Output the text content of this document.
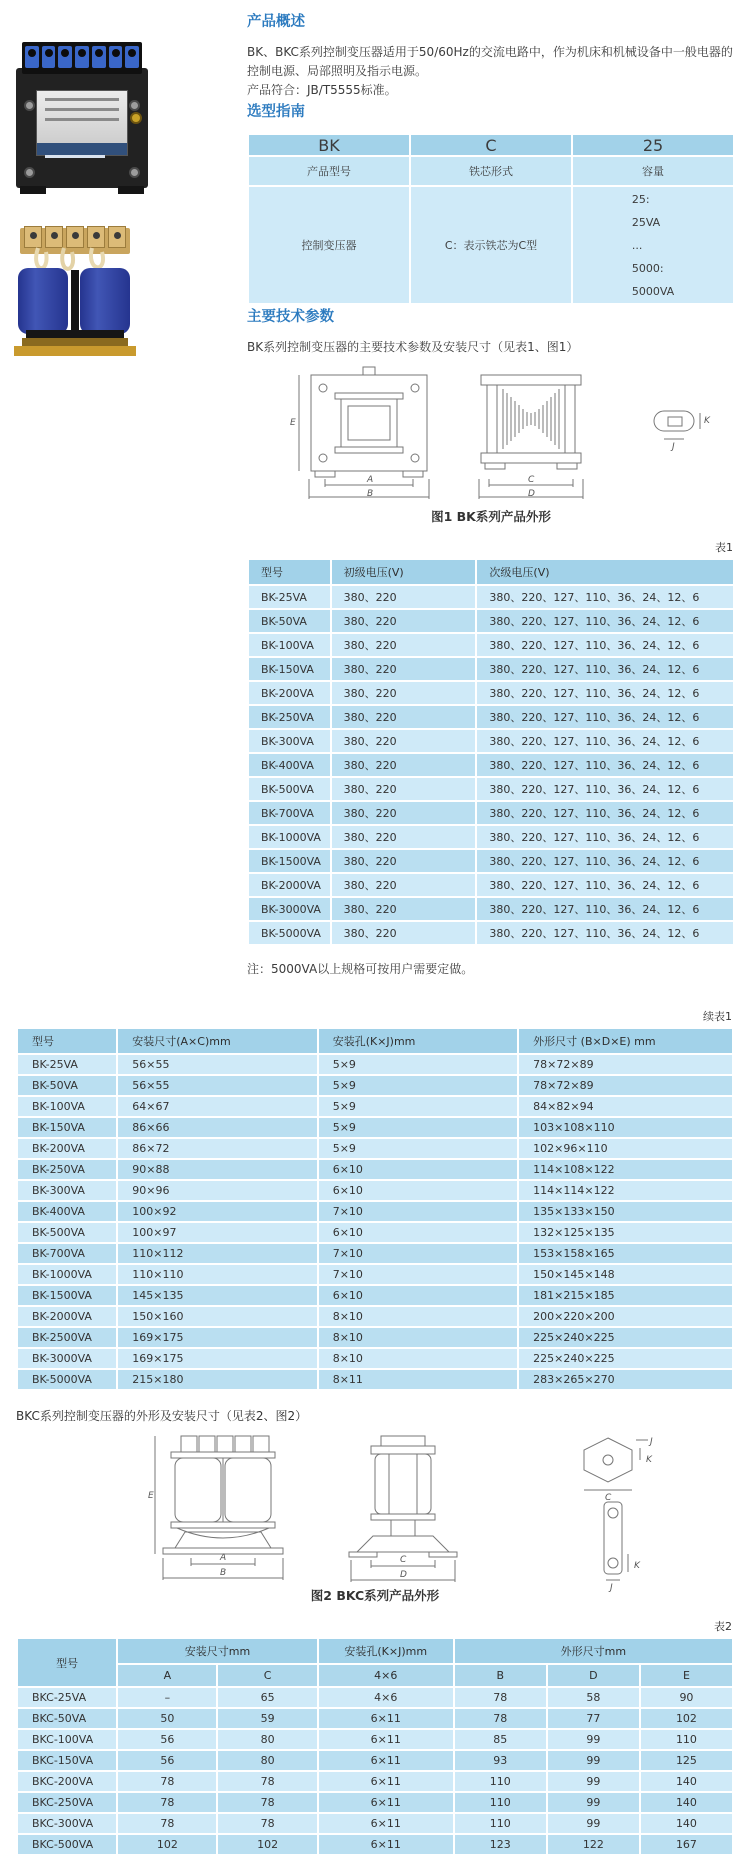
产品概述

BK、BKC系列控制变压器适用于50/60Hz的交流电路中，作为机床和机械设备中一般电器的控制电源、局部照明及指示电源。

产品符合：JB/T5555标准。

选型指南
BK	C	25
产品型号	铁芯形式	容量
控制变压器	C：表示铁芯为C型	25:
25VA
...
5000:
5000VA
主要技术参数

BK系列控制变压器的主要技术参数及安装尺寸（见表1、图1）

E
A
B
C
D
K
J

图1 BK系列产品外形

表1
型号	初级电压(V)	次级电压(V)
BK-25VA	380、220	380、220、127、110、36、24、12、6
BK-50VA	380、220	380、220、127、110、36、24、12、6
BK-100VA	380、220	380、220、127、110、36、24、12、6
BK-150VA	380、220	380、220、127、110、36、24、12、6
BK-200VA	380、220	380、220、127、110、36、24、12、6
BK-250VA	380、220	380、220、127、110、36、24、12、6
BK-300VA	380、220	380、220、127、110、36、24、12、6
BK-400VA	380、220	380、220、127、110、36、24、12、6
BK-500VA	380、220	380、220、127、110、36、24、12、6
BK-700VA	380、220	380、220、127、110、36、24、12、6
BK-1000VA	380、220	380、220、127、110、36、24、12、6
BK-1500VA	380、220	380、220、127、110、36、24、12、6
BK-2000VA	380、220	380、220、127、110、36、24、12、6
BK-3000VA	380、220	380、220、127、110、36、24、12、6
BK-5000VA	380、220	380、220、127、110、36、24、12、6

注：5000VA以上规格可按用户需要定做。

续表1
型号	安装尺寸(A×C)mm	安装孔(K×J)mm	外形尺寸 (B×D×E) mm
BK-25VA	56×55	5×9	78×72×89
BK-50VA	56×55	5×9	78×72×89
BK-100VA	64×67	5×9	84×82×94
BK-150VA	86×66	5×9	103×108×110
BK-200VA	86×72	5×9	102×96×110
BK-250VA	90×88	6×10	114×108×122
BK-300VA	90×96	6×10	114×114×122
BK-400VA	100×92	7×10	135×133×150
BK-500VA	100×97	6×10	132×125×135
BK-700VA	110×112	7×10	153×158×165
BK-1000VA	110×110	7×10	150×145×148
BK-1500VA	145×135	6×10	181×215×185
BK-2000VA	150×160	8×10	200×220×200
BK-2500VA	169×175	8×10	225×240×225
BK-3000VA	169×175	8×10	225×240×225
BK-5000VA	215×180	8×11	283×265×270

BKC系列控制变压器的外形及安装尺寸（见表2、图2）

E
A
B
C
D
J
K
C
K
J

图2 BKC系列产品外形

表2
型号	安装尺寸mm		安装孔(K×J)mm	外形尺寸mm		
	A	C	4×6	B	D	E
BKC-25VA	–	65	4×6	78	58	90
BKC-50VA	50	59	6×11	78	77	102
BKC-100VA	56	80	6×11	85	99	110
BKC-150VA	56	80	6×11	93	99	125
BKC-200VA	78	78	6×11	110	99	140
BKC-250VA	78	78	6×11	110	99	140
BKC-300VA	78	78	6×11	110	99	140
BKC-500VA	102	102	6×11	123	122	167
